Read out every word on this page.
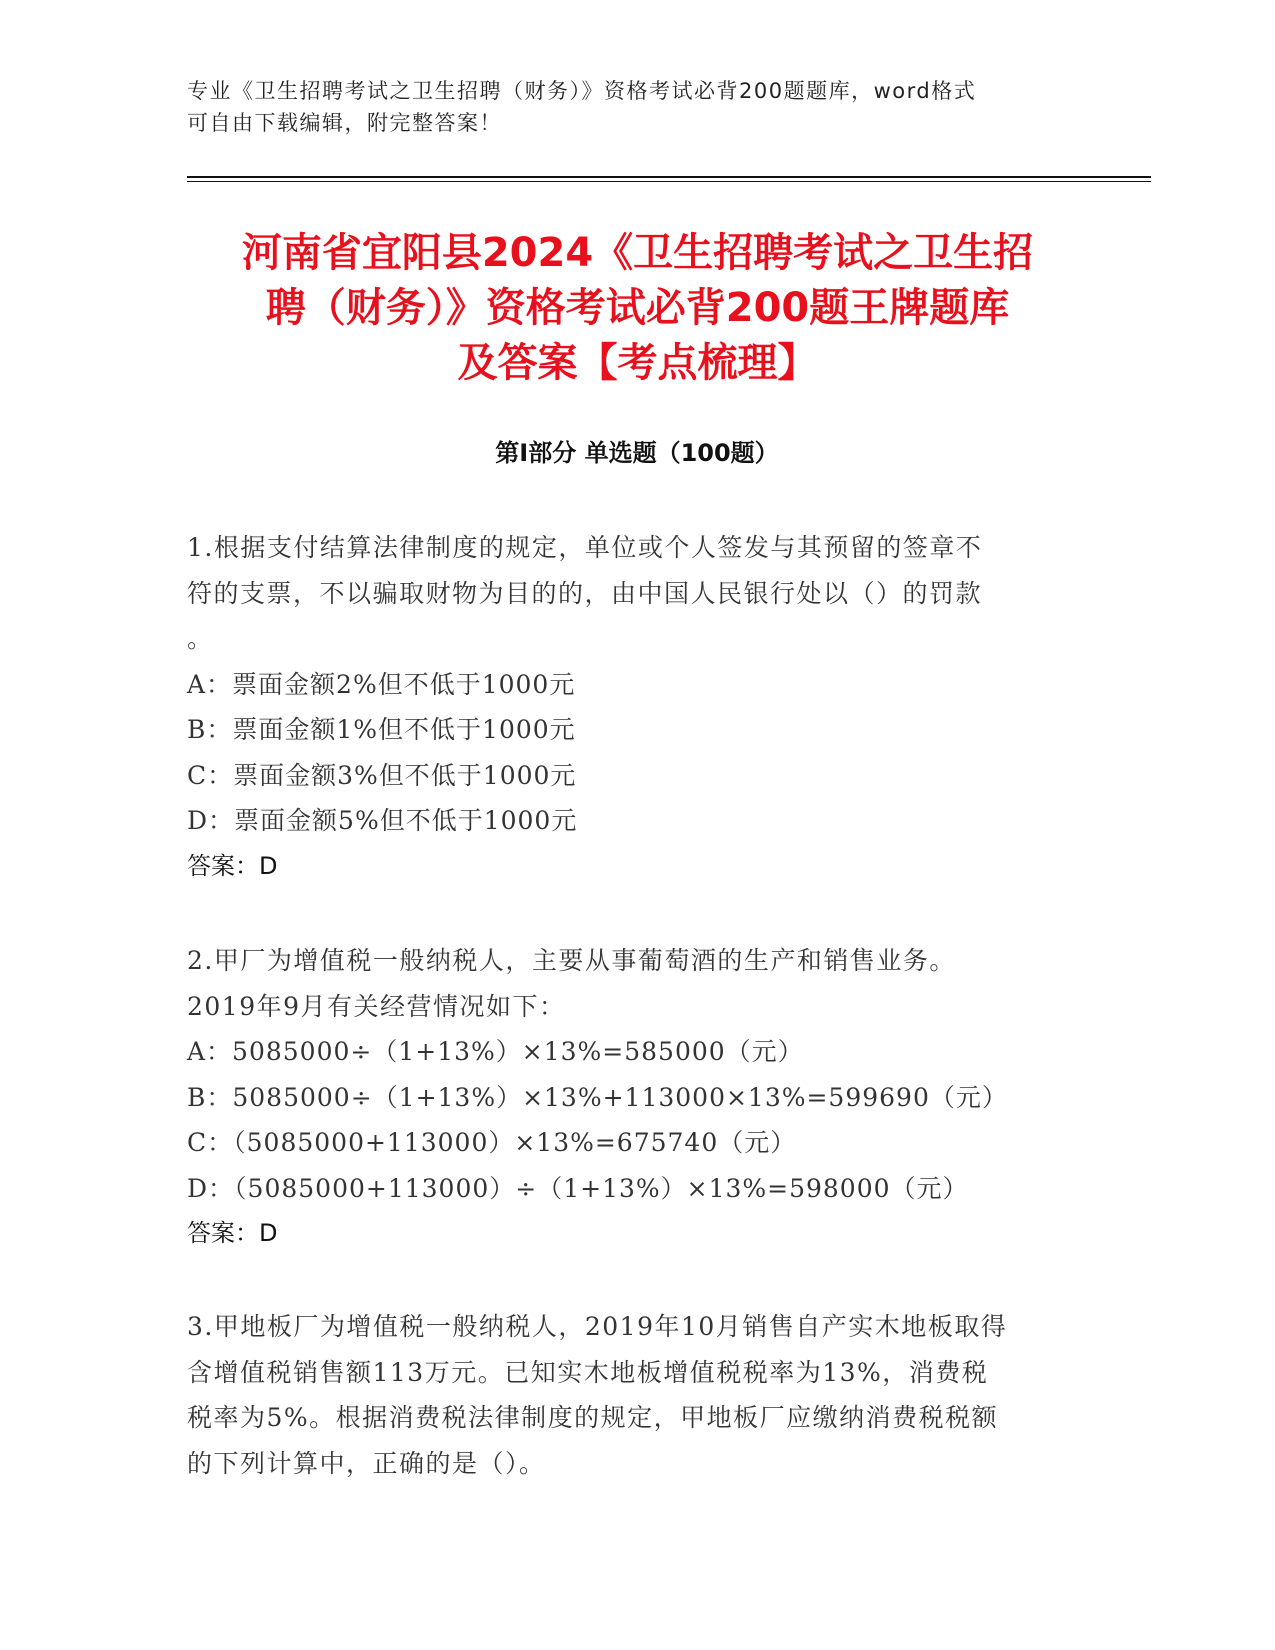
专业《卫生招聘考试之卫生招聘（财务）》资格考试必背200题题库，word格式
可自由下载编辑，附完整答案！
河南省宜阳县2024《卫生招聘考试之卫生招
聘（财务）》资格考试必背200题王牌题库
及答案【考点梳理】
第Ⅰ部分 单选题（100题）
1.根据支付结算法律制度的规定，单位或个人签发与其预留的签章不
符的支票，不以骗取财物为目的的，由中国人民银行处以（）的罚款
。
A：票面金额2%但不低于1000元
B：票面金额1%但不低于1000元
C：票面金额3%但不低于1000元
D：票面金额5%但不低于1000元
答案：D
2.甲厂为增值税一般纳税人，主要从事葡萄酒的生产和销售业务。
2019年9月有关经营情况如下：
A：5085000÷（1+13%）×13%=585000（元）
B：5085000÷（1+13%）×13%+113000×13%=599690（元）
C：（5085000+113000）×13%=675740（元）
D：（5085000+113000）÷（1+13%）×13%=598000（元）
答案：D
3.甲地板厂为增值税一般纳税人，2019年10月销售自产实木地板取得
含增值税销售额113万元。已知实木地板增值税税率为13%，消费税
税率为5%。根据消费税法律制度的规定，甲地板厂应缴纳消费税税额
的下列计算中，正确的是（）。
